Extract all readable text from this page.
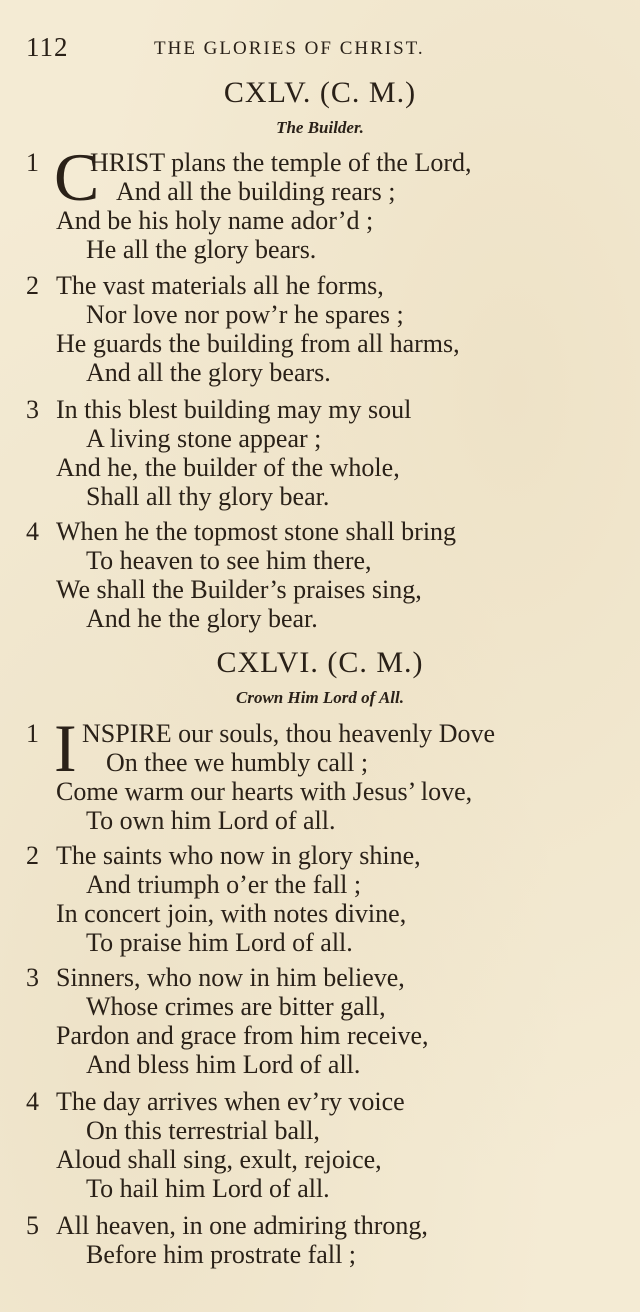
112	THE GLORIES OF CHRIST.
CXLV. (C. M.)
The Builder.
1 C
HRIST plans the temple of the Lord,
And all the building rears ;
And be his holy name ador’d ;
He all the glory bears.
2 The vast materials all he forms,
Nor love nor pow’r he spares ;
He guards the building from all harms,
And all the glory bears.
3 In this blest building may my soul
A living stone appear ;
And he, the builder of the whole,
Shall all thy glory bear.
4 When he the topmost stone shall bring
To heaven to see him there,
We shall the Builder’s praises sing,
And he the glory bear.
CXLVI. (C. M.)
Crown Him Lord of All.
1 I NSPIRE our souls, thou heavenly Dove
On thee we humbly call ;
Come warm our hearts with Jesus’ love,
To own him Lord of all.
2 The saints who now in glory shine,
And triumph o’er the fall ;
In concert join, with notes divine,
To praise him Lord of all.
3 Sinners, who now in him believe,
Whose crimes are bitter gall,
Pardon and grace from him receive,
And bless him Lord of all.
4 The day arrives when ev’ry voice
On this terrestrial ball,
Aloud shall sing, exult, rejoice,
To hail him Lord of all.
5 All heaven, in one admiring throng,
Before him prostrate fall ;
